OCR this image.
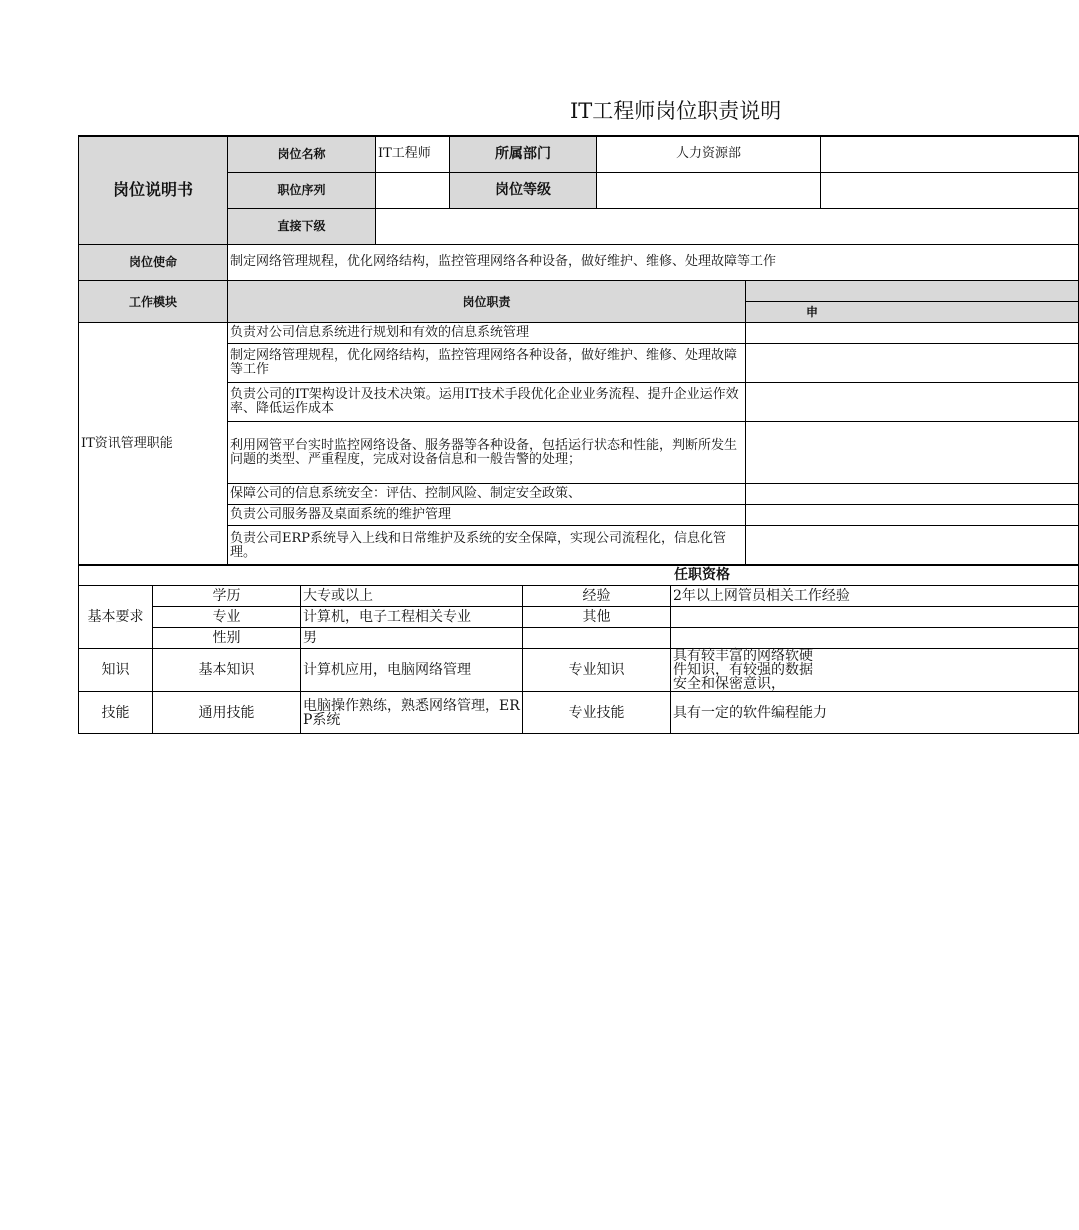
IT工程师岗位职责说明
岗位说明书	岗位名称	IT工程师	所属部门	人力资源部	
	职位序列		岗位等级		
	直接下级				
岗位使命	制定网络管理规程，优化网络结构，监控管理网络各种设备，做好维护、维修、处理故障等工作				
工作模块	岗位职责	
		申
IT资讯管理职能	负责对公司信息系统进行规划和有效的信息系统管理	
	制定网络管理规程，优化网络结构，监控管理网络各种设备，做好维护、维修、处理故障等工作	
	负责公司的IT架构设计及技术决策。运用IT技术手段优化企业业务流程、提升企业运作效率、降低运作成本	
	利用网管平台实时监控网络设备、服务器等各种设备，包括运行状态和性能，判断所发生问题的类型、严重程度，完成对设备信息和一般告警的处理；	
	保障公司的信息系统安全：评估、控制风险、制定安全政策、	
	负责公司服务器及桌面系统的维护管理	
	负责公司ERP系统导入上线和日常维护及系统的安全保障，实现公司流程化，信息化管理。	
任职资格				
基本要求	学历	大专或以上	经验	2年以上网管员相关工作经验
	专业	计算机，电子工程相关专业	其他	
	性别	男		
知识	基本知识	计算机应用，电脑网络管理	专业知识	具有较丰富的网络软硬件知识，有较强的数据安全和保密意识，

技能	通用技能	电脑操作熟练，熟悉网络管理，ERP系统	专业技能	具有一定的软件编程能力
